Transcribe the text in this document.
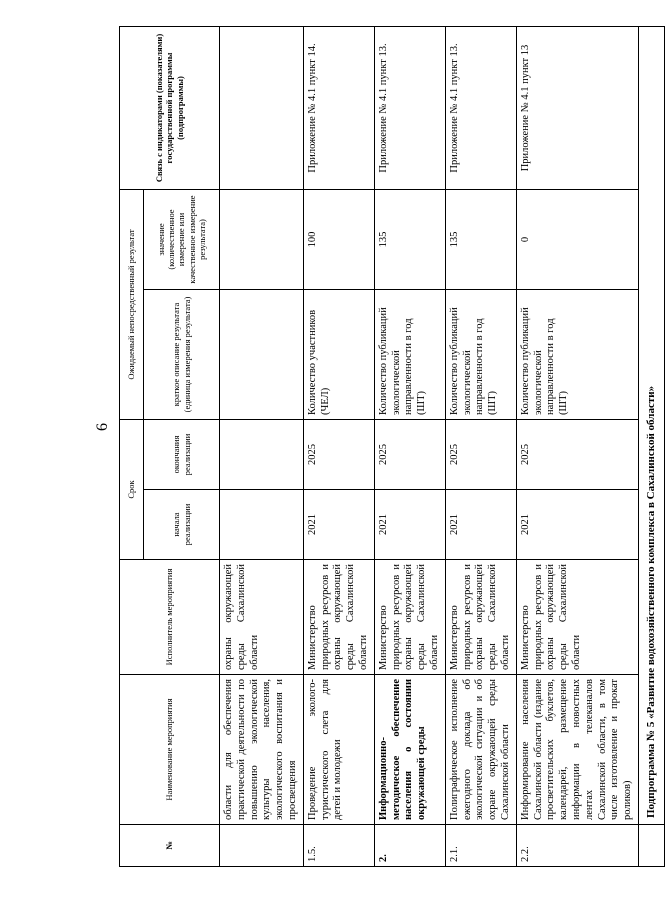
6
№	Наименование мероприятия	Исполнитель мероприятия	Срок		Ожидаемый непосредственный результат		Связь с индикаторами (показателями) государственной программы (подпрограммы)
			начала реализации	окончания реализации	краткое описание результата (единица измерения результата)	значение (количественное измерение или качественное измерение результата)	
	области для обеспечения практической деятельности по повышению экологической культуры населения, экологического воспитания и просвещения	охраны окружающей среды Сахалинской области					
1.5.	Проведение эколого-туристического слета для детей и молодежи	Министерство природных ресурсов и охраны окружающей среды Сахалинской области	2021	2025	Количество участников (ЧЕЛ)	100	Приложение № 4.1 пункт 14.
2.	Информационно-методическое обеспечение населения о состоянии окружающей среды	Министерство природных ресурсов и охраны окружающей среды Сахалинской области	2021	2025	Количество публикаций экологической направленности в год (ШТ)	135	Приложение № 4.1 пункт 13.
2.1.	Полиграфическое исполнение ежегодного доклада об экологической ситуации и об охране окружающей среды Сахалинской области	Министерство природных ресурсов и охраны окружающей среды Сахалинской области	2021	2025	Количество публикаций экологической направленности в год (ШТ)	135	Приложение № 4.1 пункт 13.
2.2.	Информирование населения Сахалинской области (издание просветительских буклетов, календарей, размещение информации в новостных лентах телеканалов Сахалинской области, в том числе изготовление и прокат роликов)	Министерство природных ресурсов и охраны окружающей среды Сахалинской области	2021	2025	Количество публикаций экологической направленности в год (ШТ)	0	Приложение № 4.1 пункт 13
	Подпрограмма № 5 «Развитие водохозяйственного комплекса в Сахалинской области»						
